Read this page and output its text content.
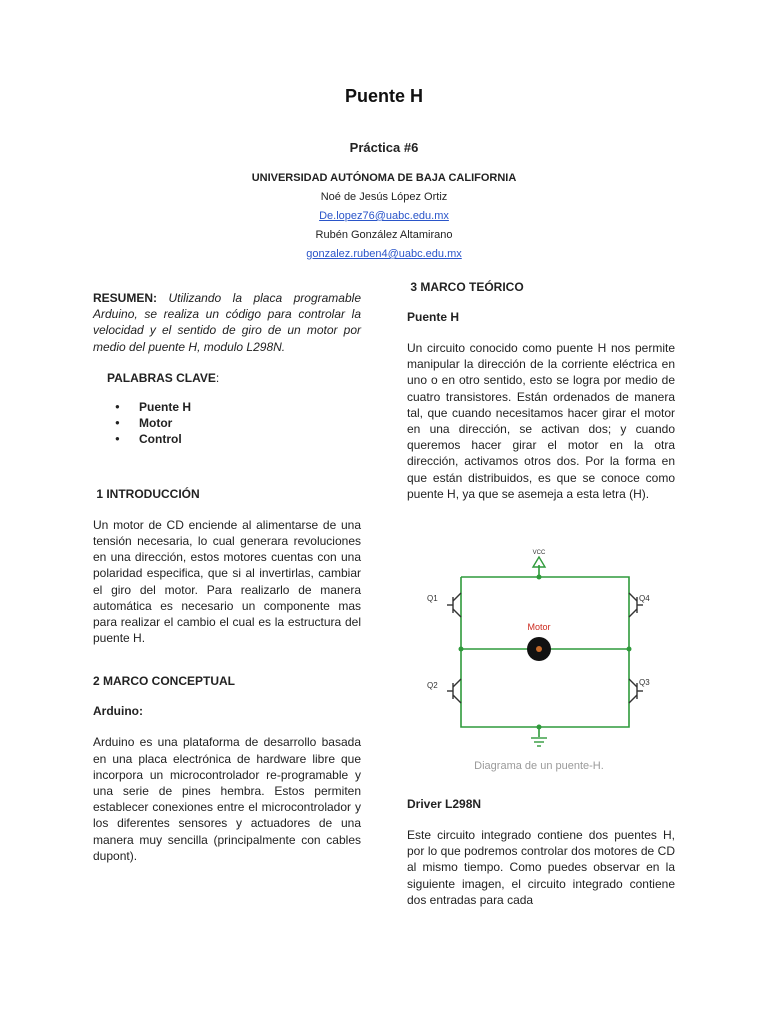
Puente H
Práctica #6
UNIVERSIDAD AUTÓNOMA DE BAJA CALIFORNIA
Noé de Jesús López Ortiz
De.lopez76@uabc.edu.mx
Rubén González Altamirano
gonzalez.ruben4@uabc.edu.mx

RESUMEN: Utilizando la placa programable Arduino, se realiza un código para controlar la velocidad y el sentido de giro de un motor por medio del puente H, modulo L298N.

PALABRAS CLAVE:
● Puente H
● Motor
● Control
1 INTRODUCCIÓN

Un motor de CD enciende al alimentarse de una tensión necesaria, lo cual generara revoluciones en una dirección, estos motores cuentas con una polaridad especifica, que si al invertirlas, cambiar el giro del motor. Para realizarlo de manera automática es necesario un componente mas para realizar el cambio el cual es la estructura del puente H.

2 MARCO CONCEPTUAL
Arduino:

Arduino es una plataforma de desarrollo basada en una placa electrónica de hardware libre que incorpora un microcontrolador re-programable y una serie de pines hembra. Estos permiten establecer conexiones entre el microcontrolador y los diferentes sensores y actuadores de una manera muy sencilla (principalmente con cables dupont).

3 MARCO TEÓRICO
Puente H

Un circuito conocido como puente H nos permite manipular la dirección de la corriente eléctrica en uno o en otro sentido, esto se logra por medio de cuatro transistores. Están ordenados de manera tal, que cuando necesitamos hacer girar el motor en una dirección, se activan dos; y cuando queremos hacer girar el motor en la otra dirección, activamos otros dos. Por la forma en que están distribuidos, es que se conoce como puente H, ya que se asemeja a esta letra (H).

VCC
Q1	Q4
Q2	Q3
Motor
Diagrama de un puente-H.
Driver L298N

Este circuito integrado contiene dos puentes H, por lo que podremos controlar dos motores de CD al mismo tiempo. Como puedes observar en la siguiente imagen, el circuito integrado contiene dos entradas para cada
